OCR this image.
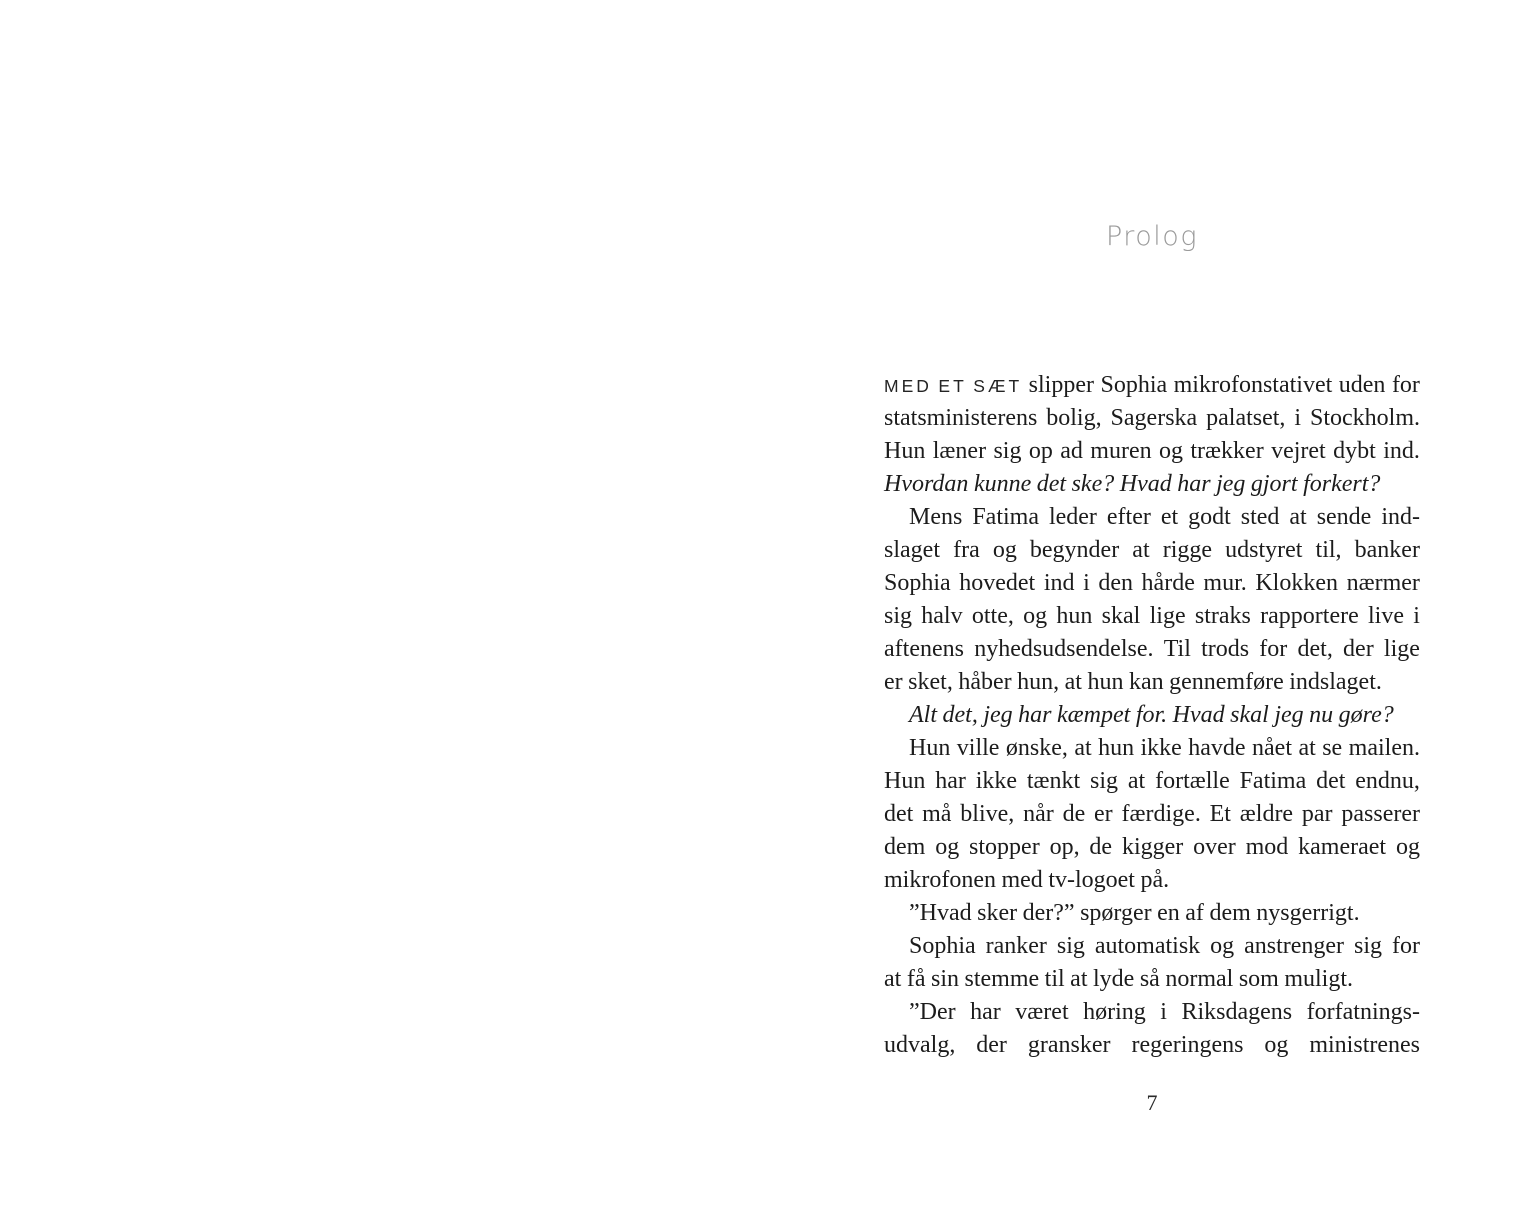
Prolog
MED ET SÆT slipper Sophia mikrofonstativet uden for
statsministerens bolig, Sagerska palatset, i Stockholm.
Hun læner sig op ad muren og trækker vejret dybt ind.
Hvordan kunne det ske? Hvad har jeg gjort forkert?
Mens Fatima leder efter et godt sted at sende ind-
slaget fra og begynder at rigge udstyret til, banker
Sophia hovedet ind i den hårde mur. Klokken nærmer
sig halv otte, og hun skal lige straks rapportere live i
aftenens nyhedsudsendelse. Til trods for det, der lige
er sket, håber hun, at hun kan gennemføre indslaget.
Alt det, jeg har kæmpet for. Hvad skal jeg nu gøre?
Hun ville ønske, at hun ikke havde nået at se mailen.
Hun har ikke tænkt sig at fortælle Fatima det endnu,
det må blive, når de er færdige. Et ældre par passerer
dem og stopper op, de kigger over mod kameraet og
mikrofonen med tv-logoet på.
”Hvad sker der?” spørger en af dem nysgerrigt.
Sophia ranker sig automatisk og anstrenger sig for
at få sin stemme til at lyde så normal som muligt.
”Der har været høring i Riksdagens forfatnings-
udvalg, der gransker regeringens og ministrenes
7
